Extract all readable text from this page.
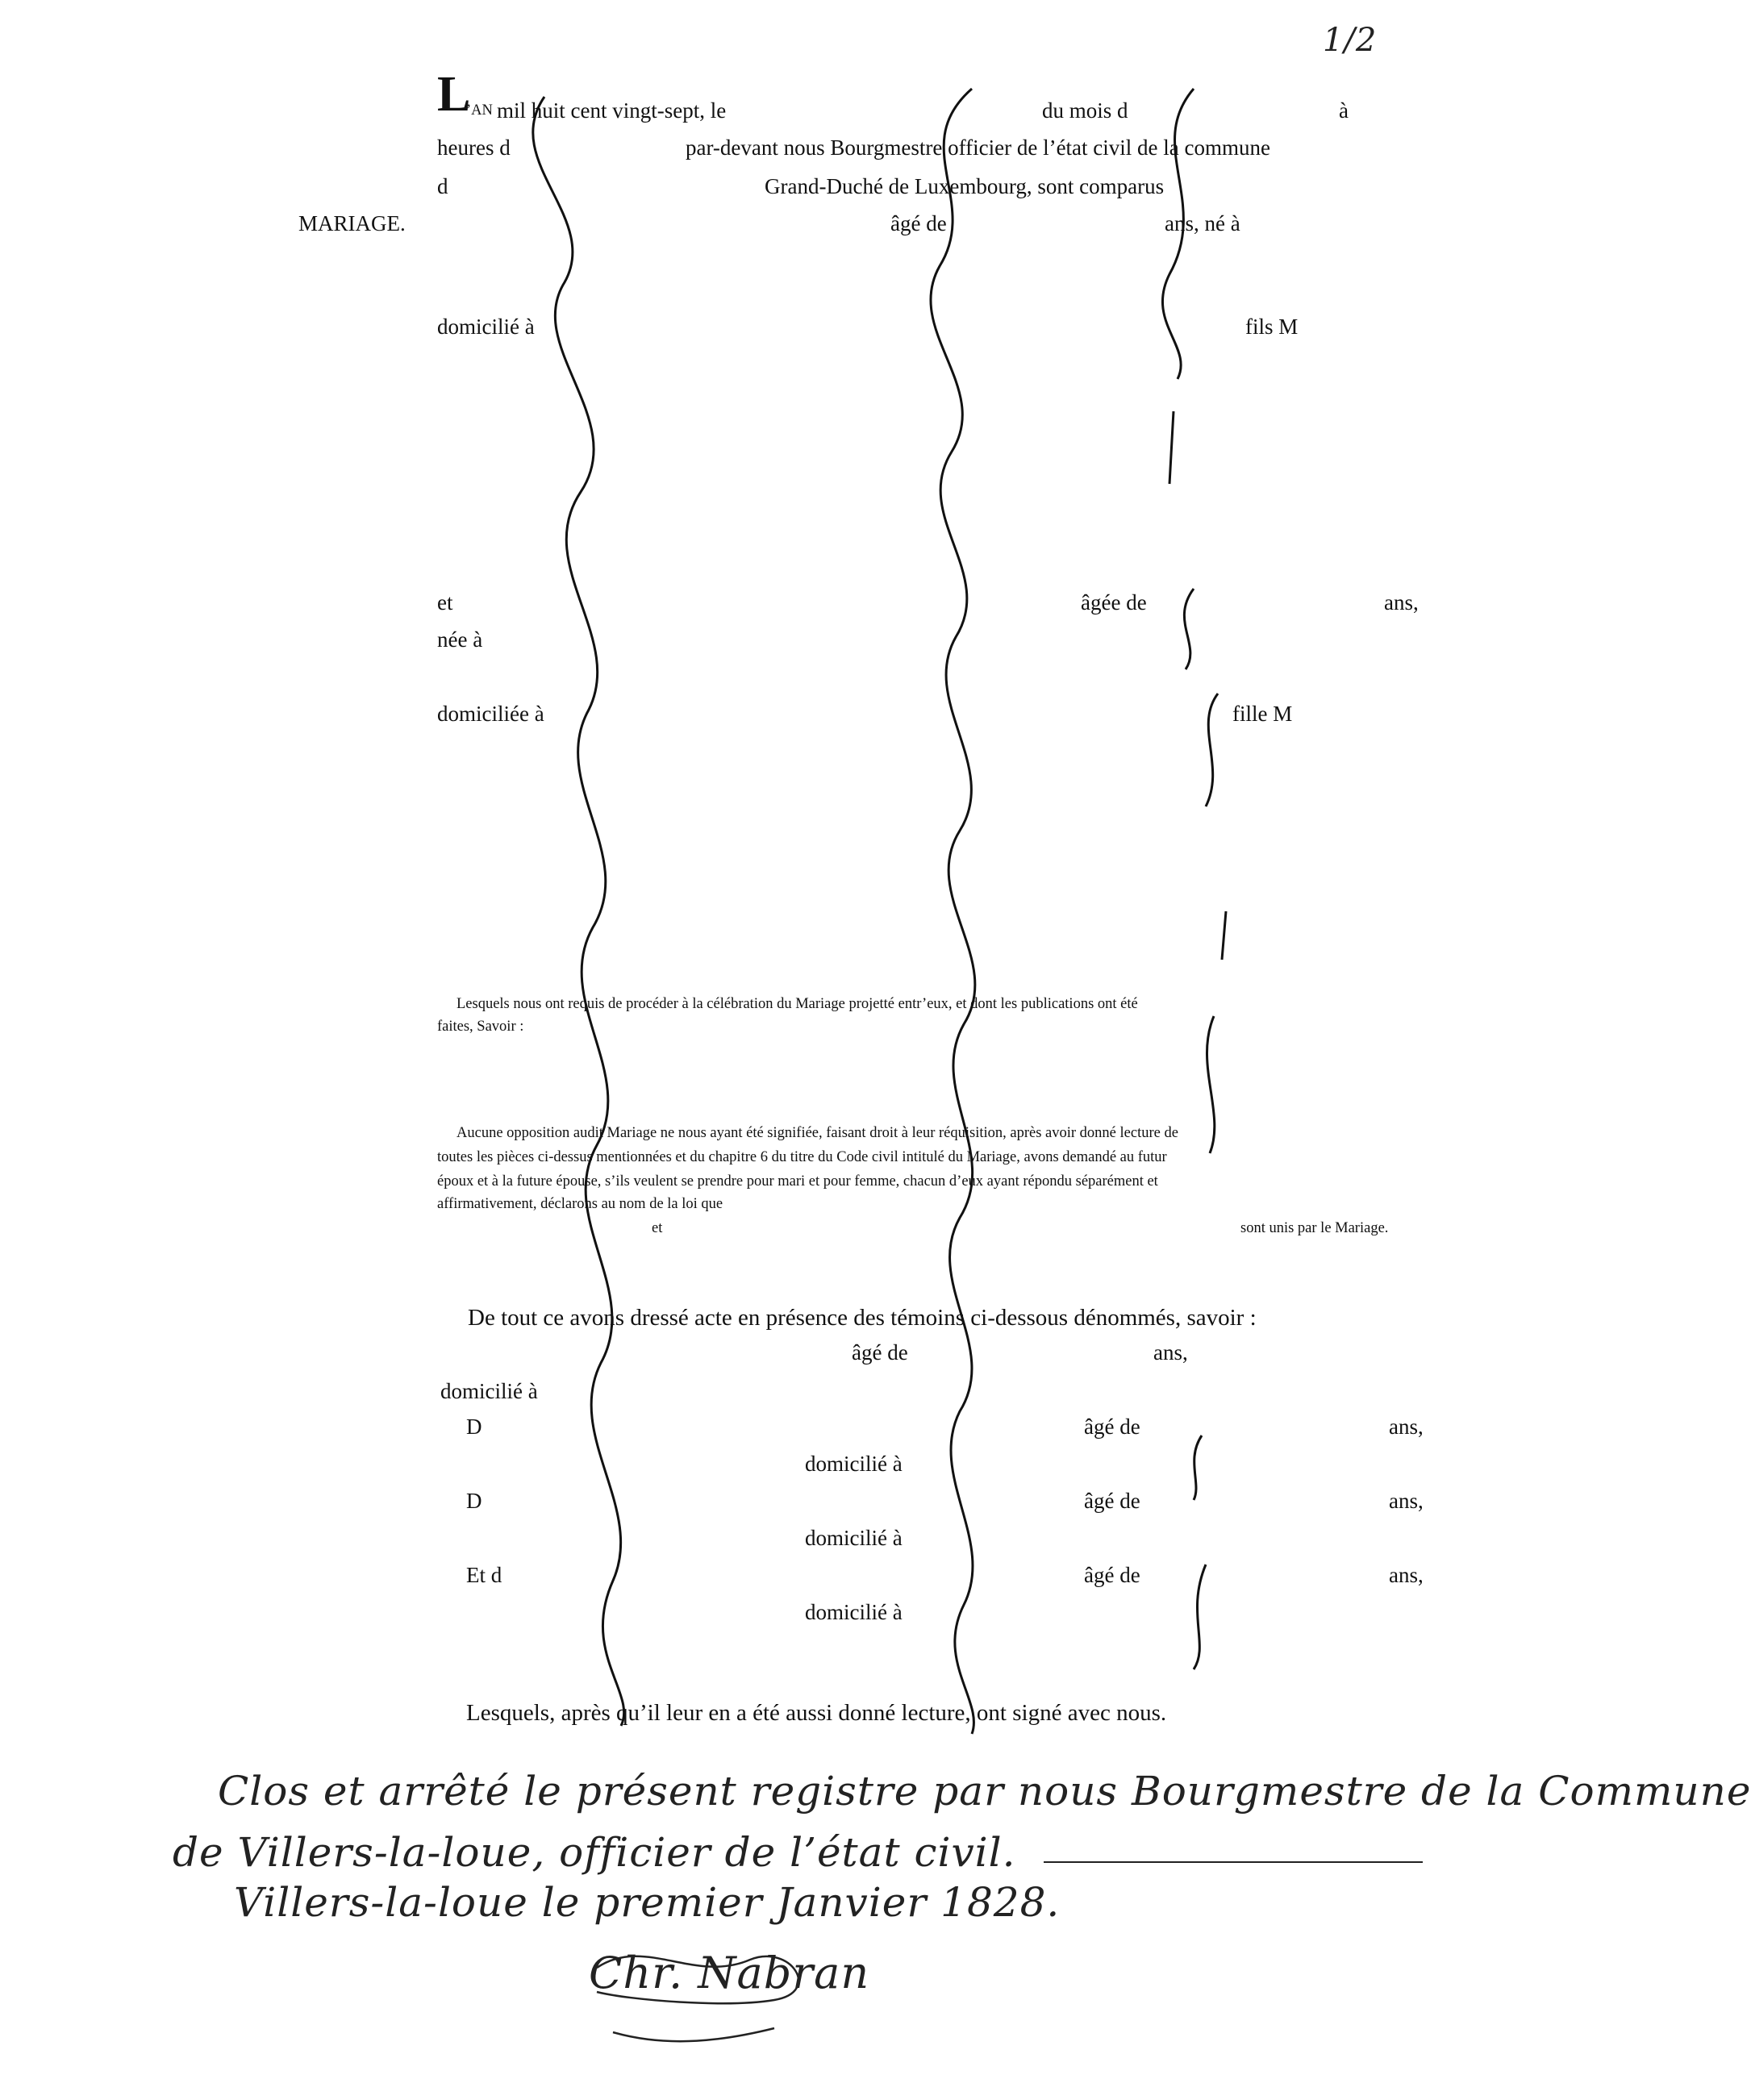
1/2
L
’AN mil huit cent vingt-sept, le	du mois d	à
heures d	par-devant nous Bourgmestre officier de l’état civil de la commune
d	Grand-Duché de Luxembourg, sont comparus
MARIAGE.	âgé de	ans, né à
domicilié à	fils M
et	âgée de	ans,
née à
domiciliée à	fille M
Lesquels nous ont requis de procéder à la célébration du Mariage projetté entr’eux, et dont les publications ont été
faites, Savoir :
Aucune opposition audit Mariage ne nous ayant été signifiée, faisant droit à leur réquisition, après avoir donné lecture de
toutes les pièces ci-dessus mentionnées et du chapitre 6 du titre du Code civil intitulé du Mariage, avons demandé au futur
époux et à la future épouse, s’ils veulent se prendre pour mari et pour femme, chacun d’eux ayant répondu séparément et
affirmativement, déclarons au nom de la loi que
et	sont unis par le Mariage.
De tout ce avons dressé acte en présence des témoins ci-dessous dénommés, savoir :
âgé de	ans,
domicilié à
D	âgé de	ans,
domicilié à
D	âgé de	ans,
domicilié à
Et d	âgé de	ans,
domicilié à
Lesquels, après qu’il leur en a été aussi donné lecture, ont signé avec nous.
Clos et arrêté le présent registre par nous Bourgmestre de la Commune
de Villers-la-loue, officier de l’état civil.
Villers-la-loue le premier Janvier 1828.
Chr. Nabran
